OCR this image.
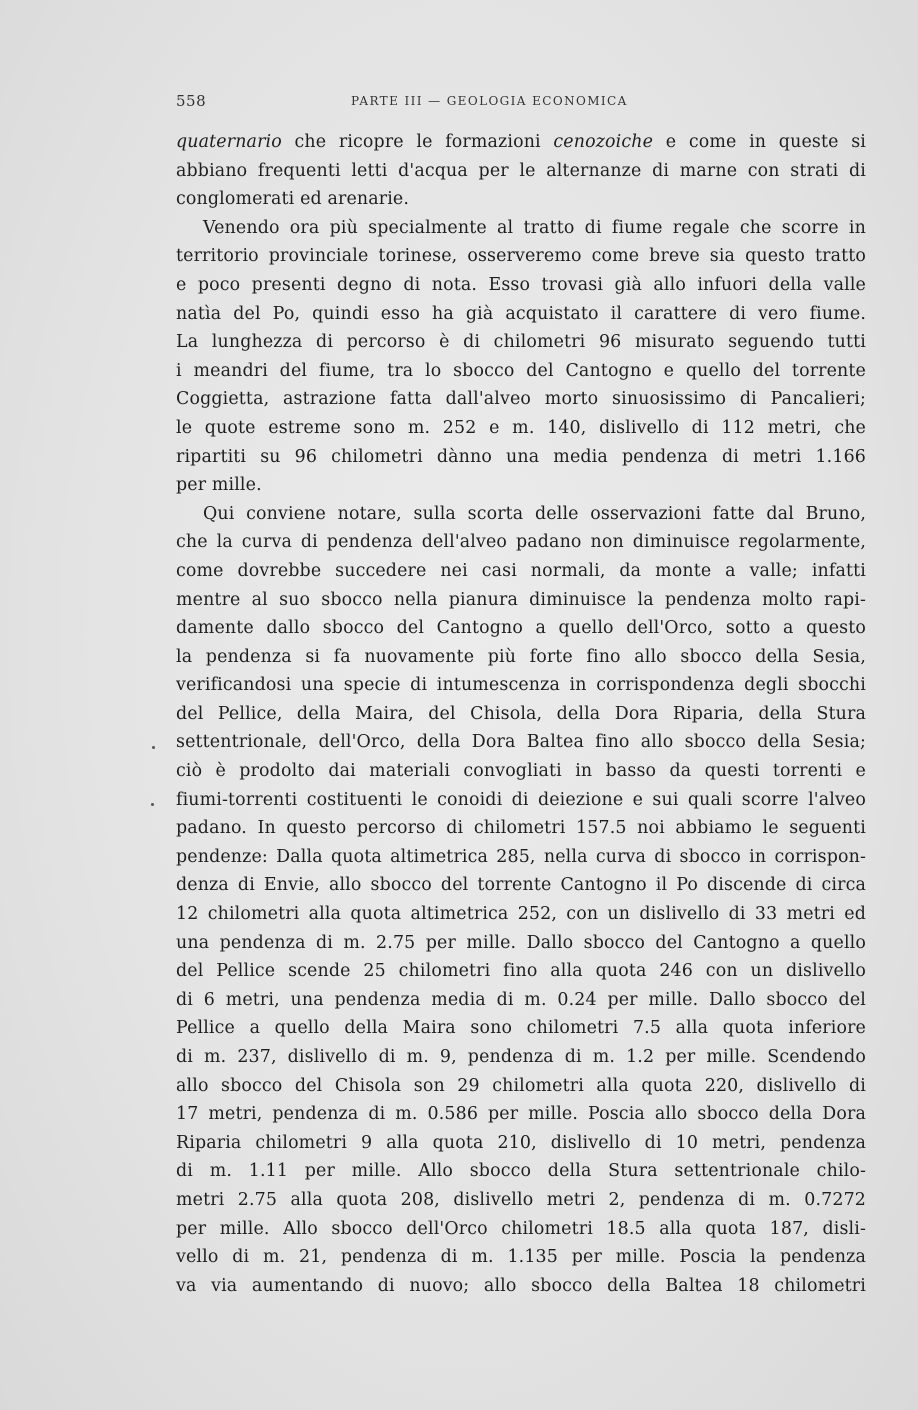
558	PARTE III — GEOLOGIA ECONOMICA
quaternario che ricopre le formazioni cenozoiche e come in queste si
abbiano frequenti letti d'acqua per le alternanze di marne con strati di
conglomerati ed arenarie.
Venendo ora più specialmente al tratto di fiume regale che scorre in
territorio provinciale torinese, osserveremo come breve sia questo tratto
e poco presenti degno di nota. Esso trovasi già allo infuori della valle
natìa del Po, quindi esso ha già acquistato il carattere di vero fiume.
La lunghezza di percorso è di chilometri 96 misurato seguendo tutti
i meandri del fiume, tra lo sbocco del Cantogno e quello del torrente
Coggietta, astrazione fatta dall'alveo morto sinuosissimo di Pancalieri;
le quote estreme sono m. 252 e m. 140, dislivello di 112 metri, che
ripartiti su 96 chilometri dànno una media pendenza di metri 1.166
per mille.
Qui conviene notare, sulla scorta delle osservazioni fatte dal Bruno,
che la curva di pendenza dell'alveo padano non diminuisce regolarmente,
come dovrebbe succedere nei casi normali, da monte a valle; infatti
mentre al suo sbocco nella pianura diminuisce la pendenza molto rapi-
damente dallo sbocco del Cantogno a quello dell'Orco, sotto a questo
la pendenza si fa nuovamente più forte fino allo sbocco della Sesia,
verificandosi una specie di intumescenza in corrispondenza degli sbocchi
del Pellice, della Maira, del Chisola, della Dora Riparia, della Stura
settentrionale, dell'Orco, della Dora Baltea fino allo sbocco della Sesia;
ciò è prodolto dai materiali convogliati in basso da questi torrenti e
fiumi-torrenti costituenti le conoidi di deiezione e sui quali scorre l'alveo
padano. In questo percorso di chilometri 157.5 noi abbiamo le seguenti
pendenze: Dalla quota altimetrica 285, nella curva di sbocco in corrispon-
denza di Envie, allo sbocco del torrente Cantogno il Po discende di circa
12 chilometri alla quota altimetrica 252, con un dislivello di 33 metri ed
una pendenza di m. 2.75 per mille. Dallo sbocco del Cantogno a quello
del Pellice scende 25 chilometri fino alla quota 246 con un dislivello
di 6 metri, una pendenza media di m. 0.24 per mille. Dallo sbocco del
Pellice a quello della Maira sono chilometri 7.5 alla quota inferiore
di m. 237, dislivello di m. 9, pendenza di m. 1.2 per mille. Scendendo
allo sbocco del Chisola son 29 chilometri alla quota 220, dislivello di
17 metri, pendenza di m. 0.586 per mille. Poscia allo sbocco della Dora
Riparia chilometri 9 alla quota 210, dislivello di 10 metri, pendenza
di m. 1.11 per mille. Allo sbocco della Stura settentrionale chilo-
metri 2.75 alla quota 208, dislivello metri 2, pendenza di m. 0.7272
per mille. Allo sbocco dell'Orco chilometri 18.5 alla quota 187, disli-
vello di m. 21, pendenza di m. 1.135 per mille. Poscia la pendenza
va via aumentando di nuovo; allo sbocco della Baltea 18 chilometri
